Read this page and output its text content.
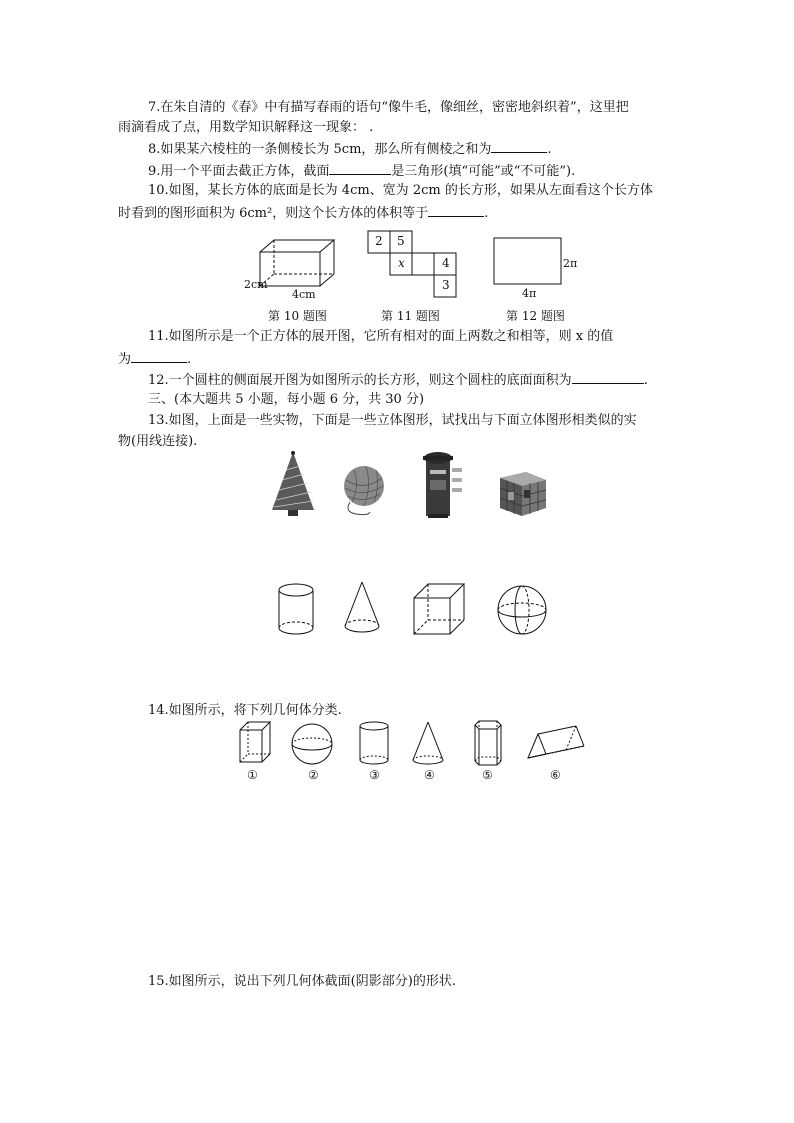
7.在朱自清的《春》中有描写春雨的语句“像牛毛，像细丝，密密地斜织着”，这里把
雨滴看成了点，用数学知识解释这一现象： .
8.如果某六棱柱的一条侧棱长为 5cm，那么所有侧棱之和为	.
9.用一个平面去截正方体，截面	是三角形(填“可能”或“不可能”).
10.如图，某长方体的底面是长为 4cm、宽为 2cm 的长方形，如果从左面看这个长方体
时看到的图形面积为 6cm²，则这个长方体的体积等于	.
2cm
4cm
第 10 题图
2 5
x	4
3
第 11 题图
2π
4π
第 12 题图
11.如图所示是一个正方体的展开图，它所有相对的面上两数之和相等，则 x 的值
为	.
12.一个圆柱的侧面展开图为如图所示的长方形，则这个圆柱的底面面积为	.
三、(本大题共 5 小题，每小题 6 分，共 30 分)
13.如图，上面是一些实物，下面是一些立体图形，试找出与下面立体图形相类似的实
物(用线连接).
14.如图所示，将下列几何体分类.
①	②	③	④	⑤	⑥
15.如图所示，说出下列几何体截面(阴影部分)的形状.
